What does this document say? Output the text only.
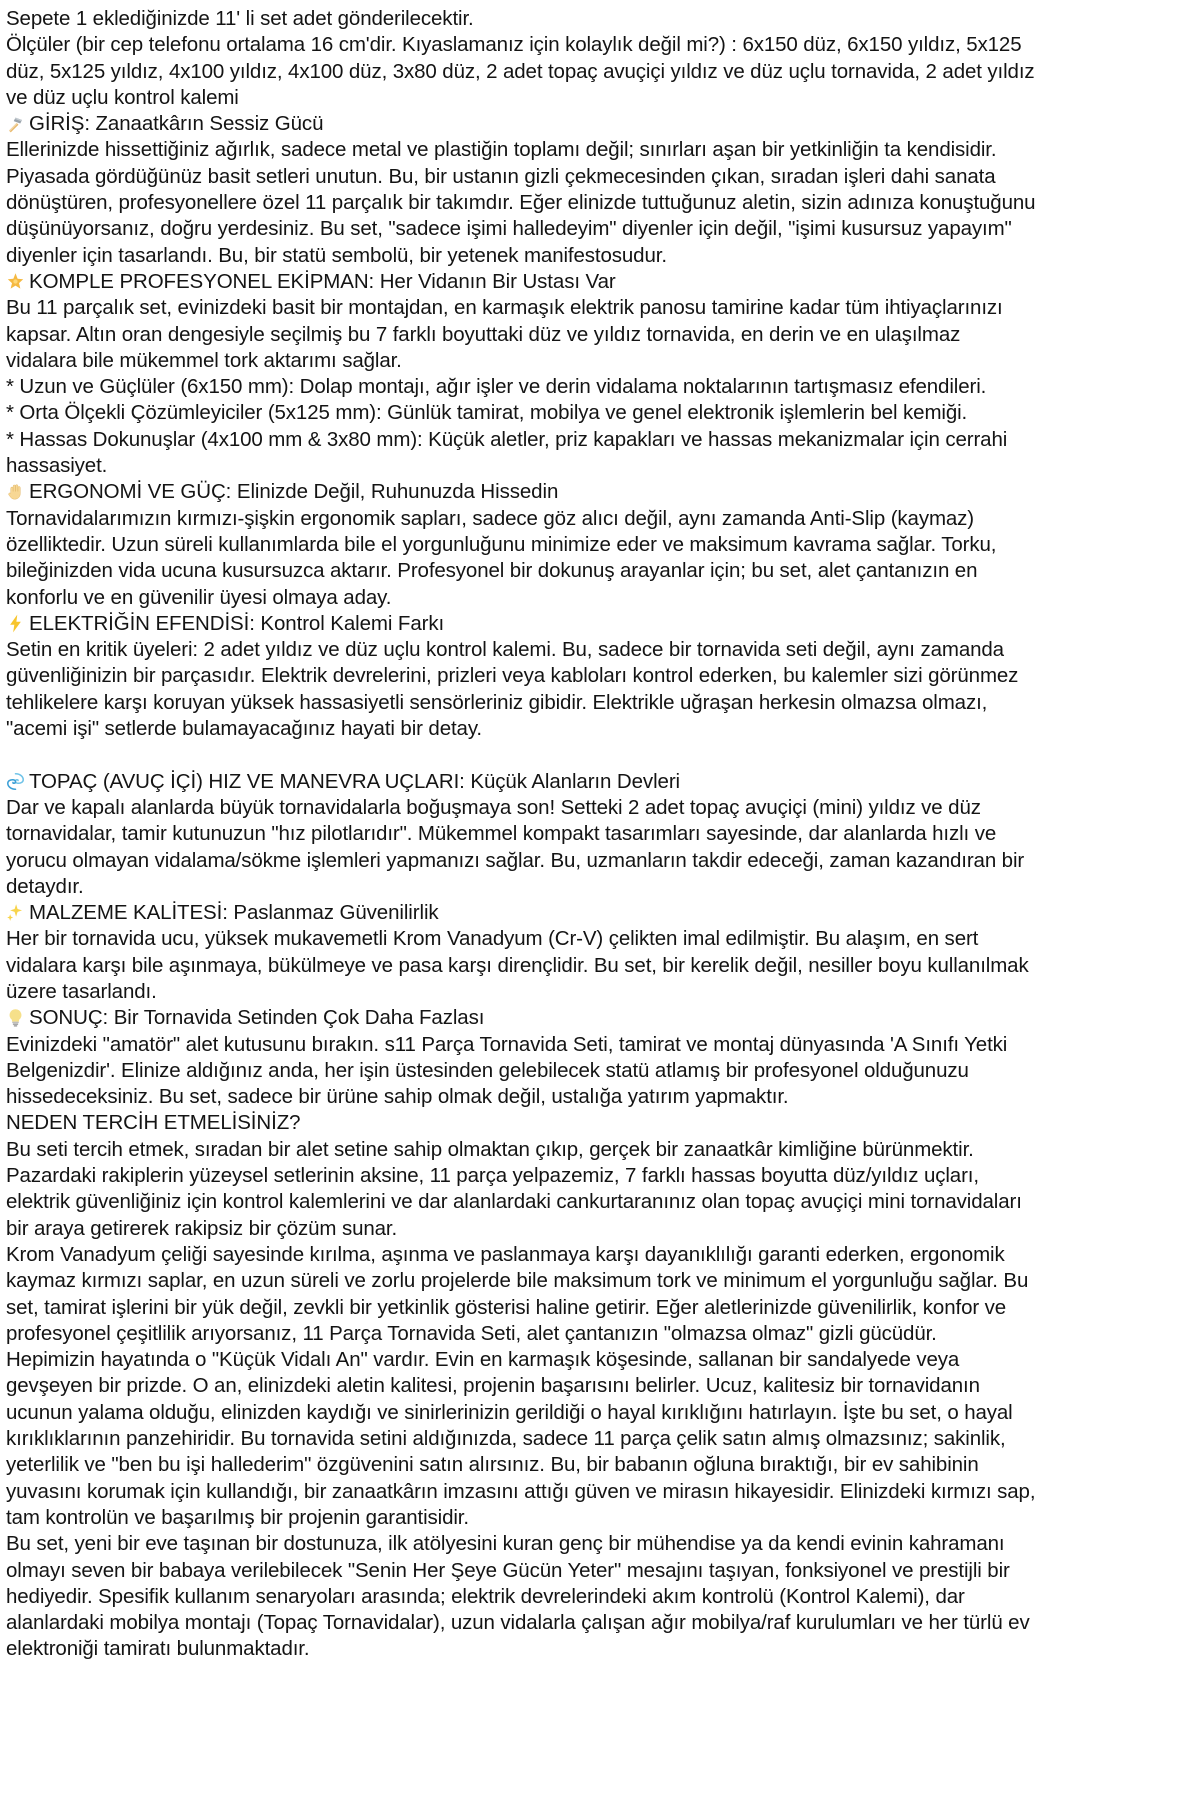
Sepete 1 eklediğinizde 11' li set adet gönderilecektir.
Ölçüler (bir cep telefonu ortalama 16 cm'dir. Kıyaslamanız için kolaylık değil mi?) : 6x150 düz, 6x150 yıldız, 5x125 düz, 5x125 yıldız, 4x100 yıldız, 4x100 düz, 3x80 düz, 2 adet topaç avuçiçi yıldız ve düz uçlu tornavida, 2 adet yıldız ve düz uçlu kontrol kalemi
GİRİŞ: Zanaatkârın Sessiz Gücü
Ellerinizde hissettiğiniz ağırlık, sadece metal ve plastiğin toplamı değil; sınırları aşan bir yetkinliğin ta kendisidir. Piyasada gördüğünüz basit setleri unutun. Bu, bir ustanın gizli çekmecesinden çıkan, sıradan işleri dahi sanata dönüştüren, profesyonellere özel 11 parçalık bir takımdır. Eğer elinizde tuttuğunuz aletin, sizin adınıza konuştuğunu düşünüyorsanız, doğru yerdesiniz. Bu set, "sadece işimi halledeyim" diyenler için değil, "işimi kusursuz yapayım" diyenler için tasarlandı. Bu, bir statü sembolü, bir yetenek manifestosudur.
KOMPLE PROFESYONEL EKİPMAN: Her Vidanın Bir Ustası Var
Bu 11 parçalık set, evinizdeki basit bir montajdan, en karmaşık elektrik panosu tamirine kadar tüm ihtiyaçlarınızı kapsar. Altın oran dengesiyle seçilmiş bu 7 farklı boyuttaki düz ve yıldız tornavida, en derin ve en ulaşılmaz vidalara bile mükemmel tork aktarımı sağlar.
* Uzun ve Güçlüler (6x150 mm): Dolap montajı, ağır işler ve derin vidalama noktalarının tartışmasız efendileri.
* Orta Ölçekli Çözümleyiciler (5x125 mm): Günlük tamirat, mobilya ve genel elektronik işlemlerin bel kemiği.
* Hassas Dokunuşlar (4x100 mm & 3x80 mm): Küçük aletler, priz kapakları ve hassas mekanizmalar için cerrahi hassasiyet.
ERGONOMİ VE GÜÇ: Elinizde Değil, Ruhunuzda Hissedin
Tornavidalarımızın kırmızı-şişkin ergonomik sapları, sadece göz alıcı değil, aynı zamanda Anti-Slip (kaymaz) özelliktedir. Uzun süreli kullanımlarda bile el yorgunluğunu minimize eder ve maksimum kavrama sağlar. Torku, bileğinizden vida ucuna kusursuzca aktarır. Profesyonel bir dokunuş arayanlar için; bu set, alet çantanızın en konforlu ve en güvenilir üyesi olmaya aday.
ELEKTRİĞİN EFENDİSİ: Kontrol Kalemi Farkı
Setin en kritik üyeleri: 2 adet yıldız ve düz uçlu kontrol kalemi. Bu, sadece bir tornavida seti değil, aynı zamanda güvenliğinizin bir parçasıdır. Elektrik devrelerini, prizleri veya kabloları kontrol ederken, bu kalemler sizi görünmez tehlikelere karşı koruyan yüksek hassasiyetli sensörleriniz gibidir. Elektrikle uğraşan herkesin olmazsa olmazı, "acemi işi" setlerde bulamayacağınız hayati bir detay.
TOPAÇ (AVUÇ İÇİ) HIZ VE MANEVRA UÇLARI: Küçük Alanların Devleri
Dar ve kapalı alanlarda büyük tornavidalarla boğuşmaya son! Setteki 2 adet topaç avuçiçi (mini) yıldız ve düz tornavidalar, tamir kutunuzun "hız pilotlarıdır". Mükemmel kompakt tasarımları sayesinde, dar alanlarda hızlı ve yorucu olmayan vidalama/sökme işlemleri yapmanızı sağlar. Bu, uzmanların takdir edeceği, zaman kazandıran bir detaydır.
MALZEME KALİTESİ: Paslanmaz Güvenilirlik
Her bir tornavida ucu, yüksek mukavemetli Krom Vanadyum (Cr-V) çelikten imal edilmiştir. Bu alaşım, en sert vidalara karşı bile aşınmaya, bükülmeye ve pasa karşı dirençlidir. Bu set, bir kerelik değil, nesiller boyu kullanılmak üzere tasarlandı.
SONUÇ: Bir Tornavida Setinden Çok Daha Fazlası
Evinizdeki "amatör" alet kutusunu bırakın. s11 Parça Tornavida Seti, tamirat ve montaj dünyasında 'A Sınıfı Yetki Belgenizdir'. Elinize aldığınız anda, her işin üstesinden gelebilecek statü atlamış bir profesyonel olduğunuzu hissedeceksiniz. Bu set, sadece bir ürüne sahip olmak değil, ustalığa yatırım yapmaktır.
NEDEN TERCİH ETMELİSİNİZ?
Bu seti tercih etmek, sıradan bir alet setine sahip olmaktan çıkıp, gerçek bir zanaatkâr kimliğine bürünmektir. Pazardaki rakiplerin yüzeysel setlerinin aksine, 11 parça yelpazemiz, 7 farklı hassas boyutta düz/yıldız uçları, elektrik güvenliğiniz için kontrol kalemlerini ve dar alanlardaki cankurtaranınız olan topaç avuçiçi mini tornavidaları bir araya getirerek rakipsiz bir çözüm sunar.
Krom Vanadyum çeliği sayesinde kırılma, aşınma ve paslanmaya karşı dayanıklılığı garanti ederken, ergonomik kaymaz kırmızı saplar, en uzun süreli ve zorlu projelerde bile maksimum tork ve minimum el yorgunluğu sağlar. Bu set, tamirat işlerini bir yük değil, zevkli bir yetkinlik gösterisi haline getirir. Eğer aletlerinizde güvenilirlik, konfor ve profesyonel çeşitlilik arıyorsanız, 11 Parça Tornavida Seti, alet çantanızın "olmazsa olmaz" gizli gücüdür.
Hepimizin hayatında o "Küçük Vidalı An" vardır. Evin en karmaşık köşesinde, sallanan bir sandalyede veya gevşeyen bir prizde. O an, elinizdeki aletin kalitesi, projenin başarısını belirler. Ucuz, kalitesiz bir tornavidanın ucunun yalama olduğu, elinizden kaydığı ve sinirlerinizin gerildiği o hayal kırıklığını hatırlayın. İşte bu set, o hayal kırıklıklarının panzehiridir. Bu tornavida setini aldığınızda, sadece 11 parça çelik satın almış olmazsınız; sakinlik, yeterlilik ve "ben bu işi hallederim" özgüvenini satın alırsınız. Bu, bir babanın oğluna bıraktığı, bir ev sahibinin yuvasını korumak için kullandığı, bir zanaatkârın imzasını attığı güven ve mirasın hikayesidir. Elinizdeki kırmızı sap, tam kontrolün ve başarılmış bir projenin garantisidir.
Bu set, yeni bir eve taşınan bir dostunuza, ilk atölyesini kuran genç bir mühendise ya da kendi evinin kahramanı olmayı seven bir babaya verilebilecek "Senin Her Şeye Gücün Yeter" mesajını taşıyan, fonksiyonel ve prestijli bir hediyedir. Spesifik kullanım senaryoları arasında; elektrik devrelerindeki akım kontrolü (Kontrol Kalemi), dar alanlardaki mobilya montajı (Topaç Tornavidalar), uzun vidalarla çalışan ağır mobilya/raf kurulumları ve her türlü ev elektroniği tamiratı bulunmaktadır.
